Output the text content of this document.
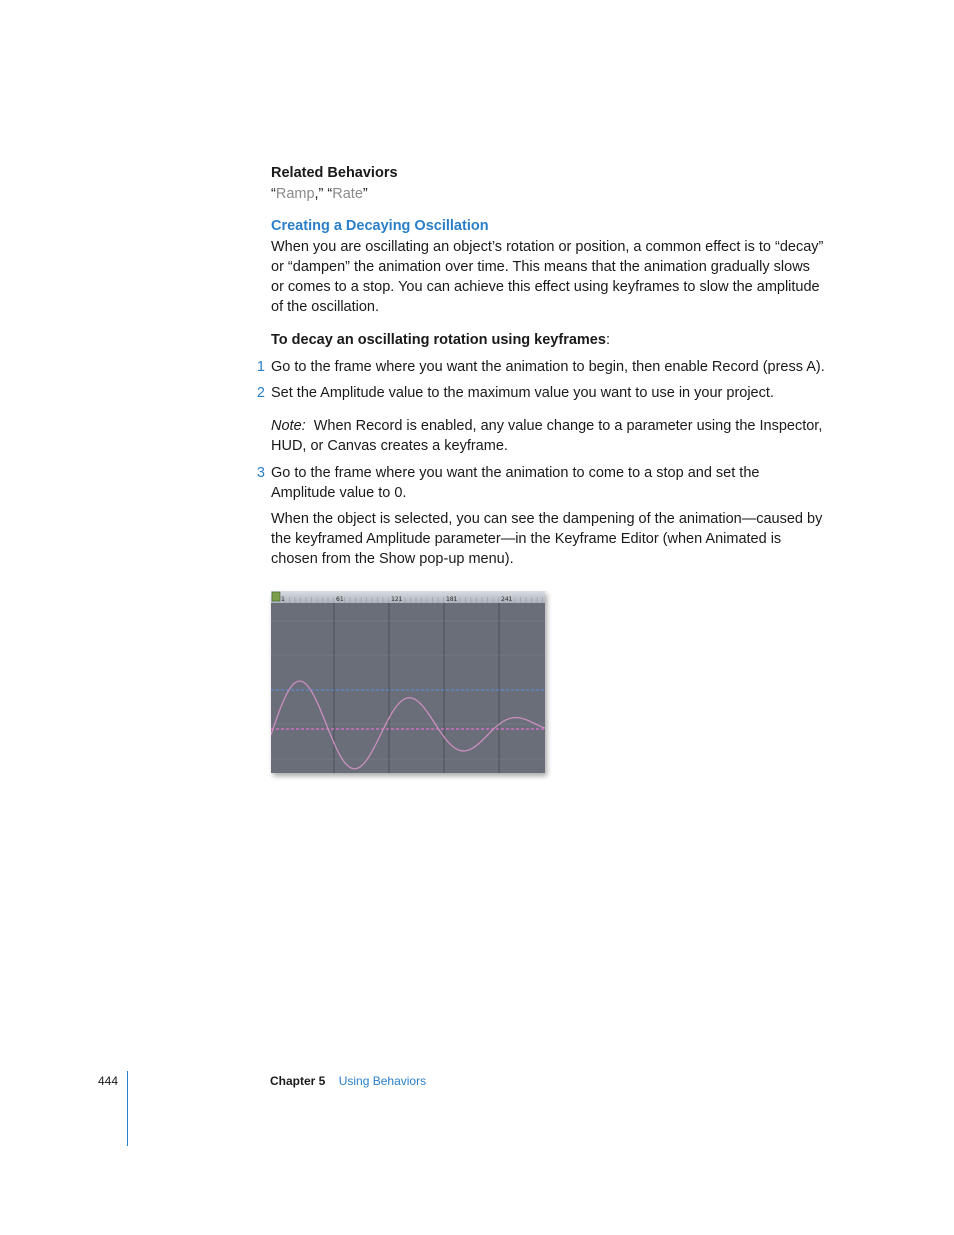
Related Behaviors
“Ramp,” “Rate”
Creating a Decaying Oscillation
When you are oscillating an object’s rotation or position, a common effect is to “decay” or “dampen” the animation over time. This means that the animation gradually slows or comes to a stop. You can achieve this effect using keyframes to slow the amplitude of the oscillation.
To decay an oscillating rotation using keyframes:
1 Go to the frame where you want the animation to begin, then enable Record (press A).
2 Set the Amplitude value to the maximum value you want to use in your project.
Note: When Record is enabled, any value change to a parameter using the Inspector, HUD, or Canvas creates a keyframe.
3 Go to the frame where you want the animation to come to a stop and set the Amplitude value to 0.
When the object is selected, you can see the dampening of the animation—caused by the keyframed Amplitude parameter—in the Keyframe Editor (when Animated is chosen from the Show pop-up menu).
1	61	121	181	241
444	Chapter 5 Using Behaviors
